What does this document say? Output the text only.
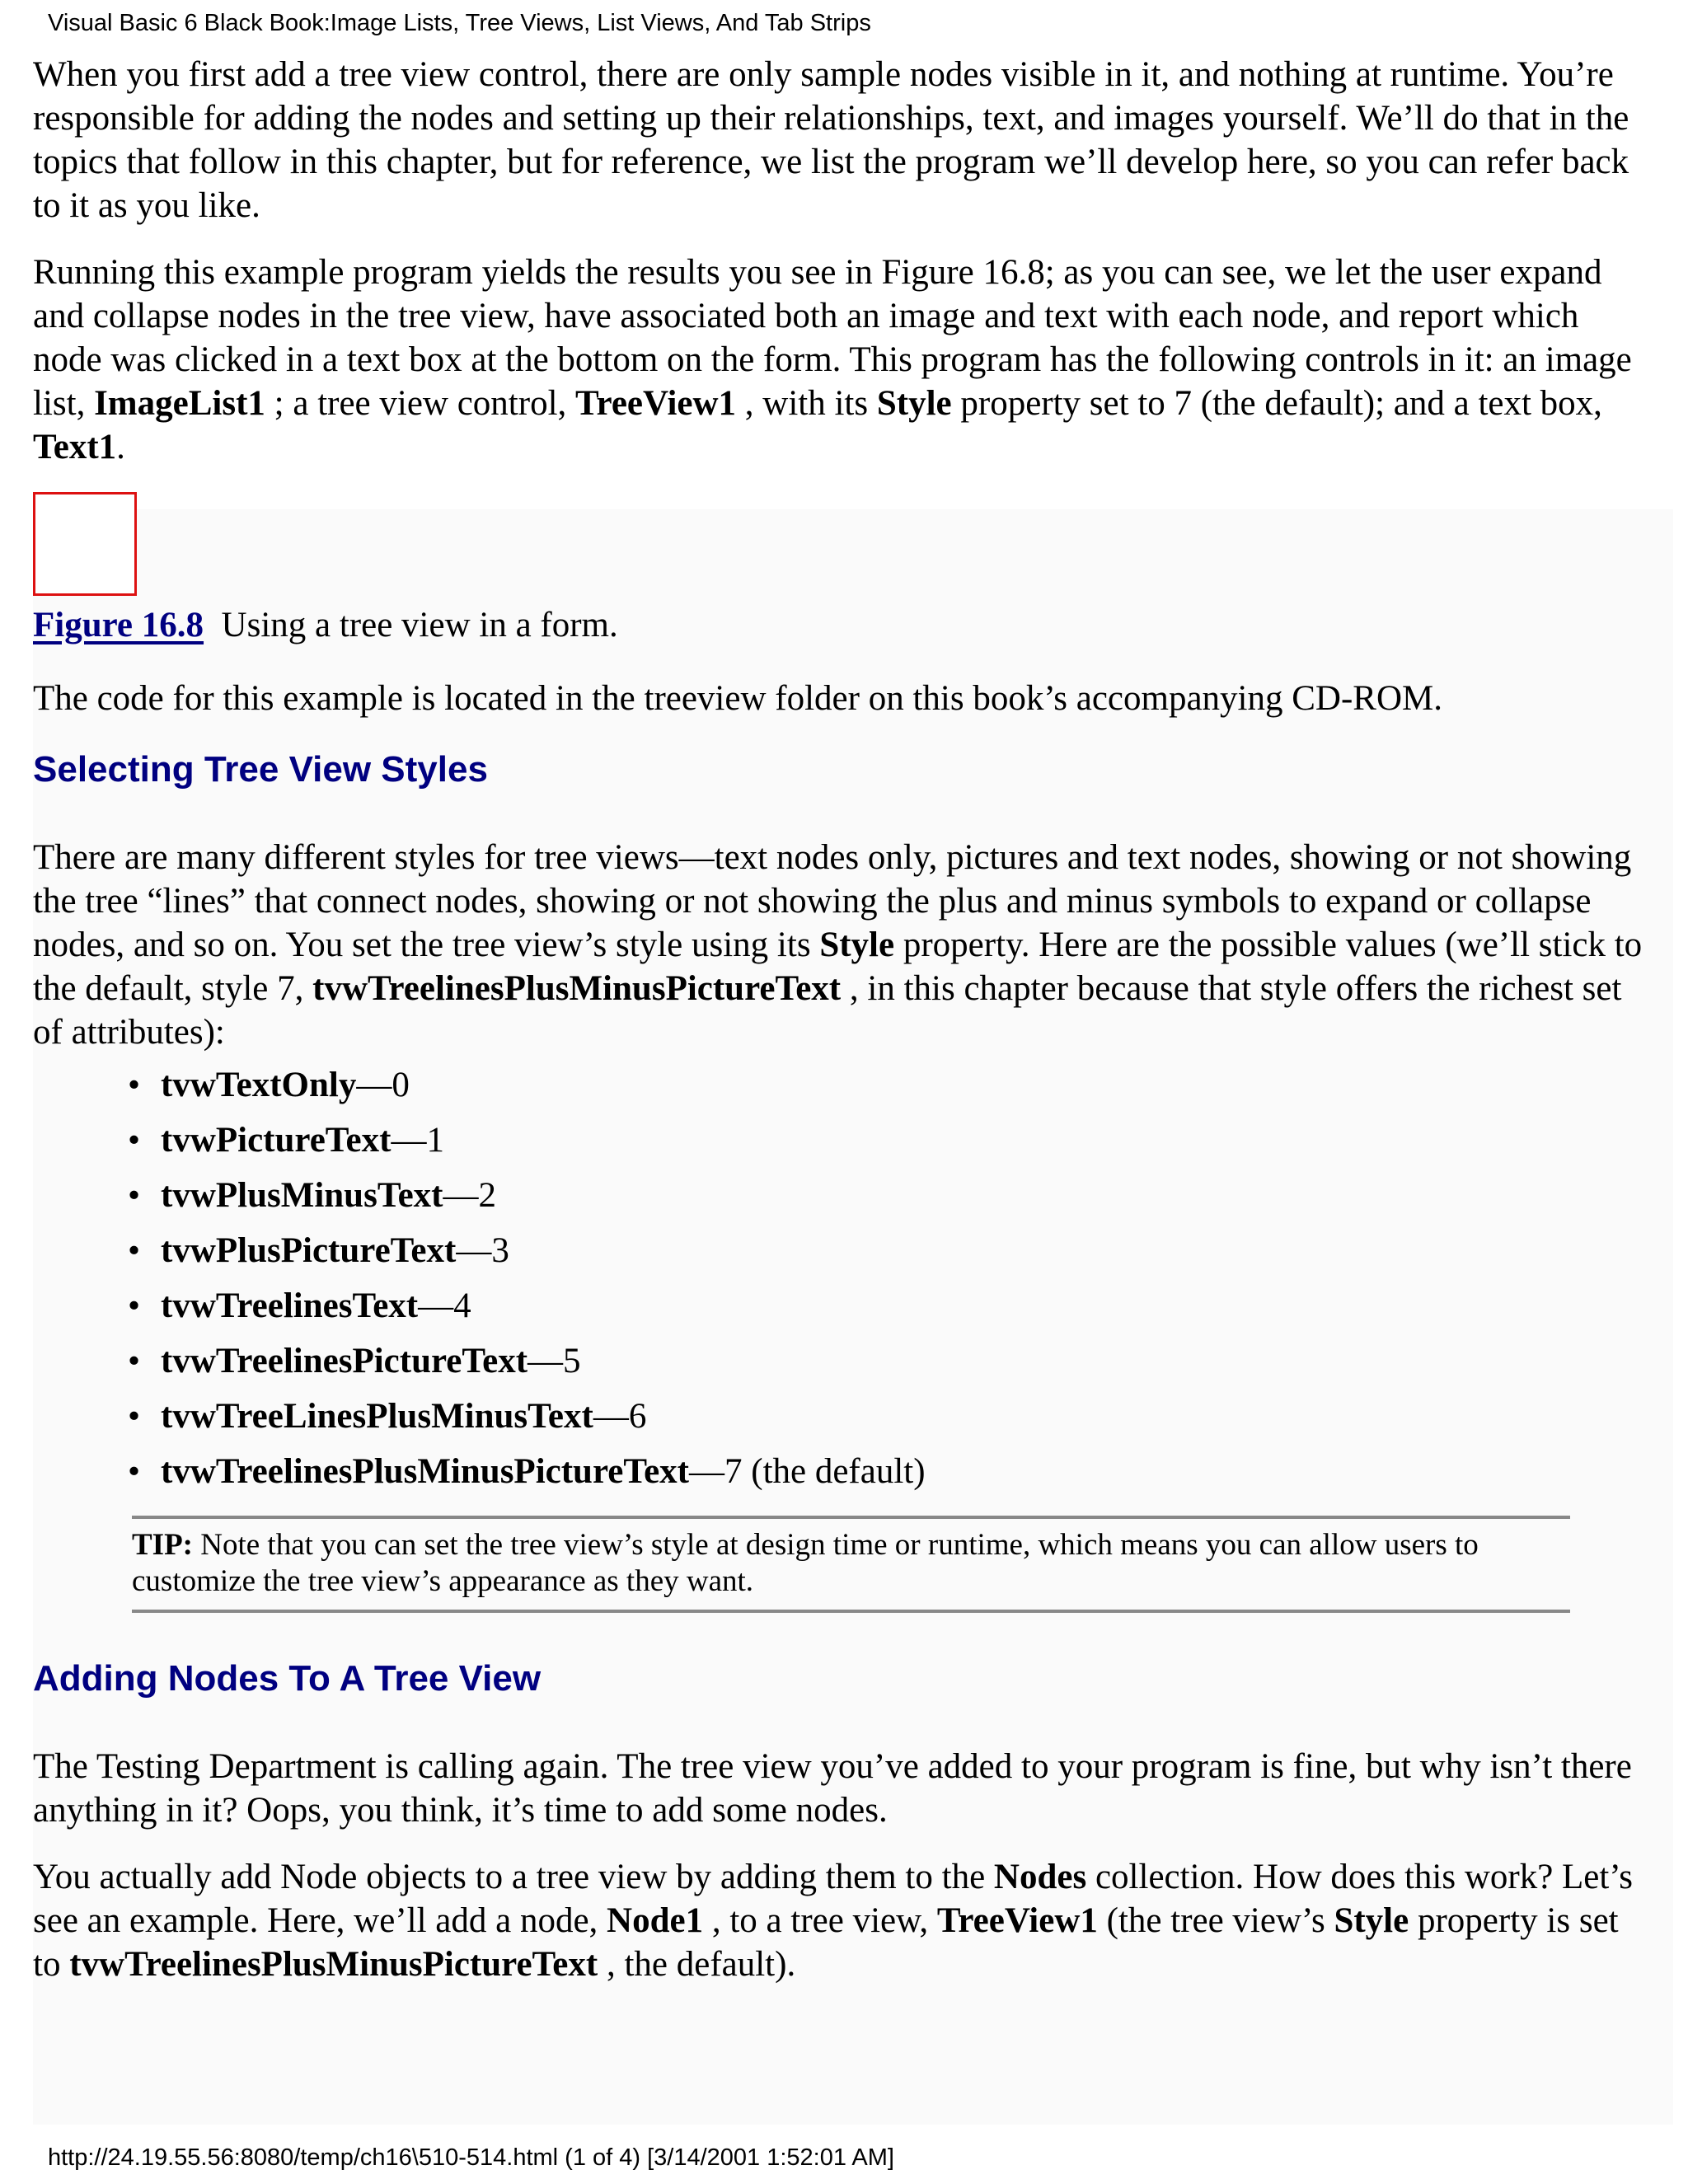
Visual Basic 6 Black Book:Image Lists, Tree Views, List Views, And Tab Strips

When you first add a tree view control, there are only sample nodes visible in it, and nothing at runtime. You’re responsible for adding the nodes and setting up their relationships, text, and images yourself. We’ll do that in the topics that follow in this chapter, but for reference, we list the program we’ll develop here, so you can refer back to it as you like.

Running this example program yields the results you see in Figure 16.8; as you can see, we let the user expand and collapse nodes in the tree view, have associated both an image and text with each node, and report which node was clicked in a text box at the bottom on the form. This program has the following controls in it: an image list, ImageList1 ; a tree view control, TreeView1 , with its Style property set to 7 (the default); and a text box, Text1.

Figure 16.8 Using a tree view in a form.

The code for this example is located in the treeview folder on this book’s accompanying CD-ROM.

Selecting Tree View Styles

There are many different styles for tree views—text nodes only, pictures and text nodes, showing or not showing the tree “lines” that connect nodes, showing or not showing the plus and minus symbols to expand or collapse nodes, and so on. You set the tree view’s style using its Style property. Here are the possible values (we’ll stick to the default, style 7, tvwTreelinesPlusMinusPictureText , in this chapter because that style offers the richest set of attributes):

• tvwTextOnly—0
• tvwPictureText—1
• tvwPlusMinusText—2
• tvwPlusPictureText—3
• tvwTreelinesText—4
• tvwTreelinesPictureText—5
• tvwTreeLinesPlusMinusText—6
• tvwTreelinesPlusMinusPictureText—7 (the default)
TIP: Note that you can set the tree view’s style at design time or runtime, which means you can allow users to customize the tree view’s appearance as they want.
Adding Nodes To A Tree View

The Testing Department is calling again. The tree view you’ve added to your program is fine, but why isn’t there anything in it? Oops, you think, it’s time to add some nodes.

You actually add Node objects to a tree view by adding them to the Nodes collection. How does this work? Let’s see an example. Here, we’ll add a node, Node1 , to a tree view, TreeView1 (the tree view’s Style property is set to tvwTreelinesPlusMinusPictureText , the default).

http://24.19.55.56:8080/temp/ch16\510-514.html (1 of 4) [3/14/2001 1:52:01 AM]
